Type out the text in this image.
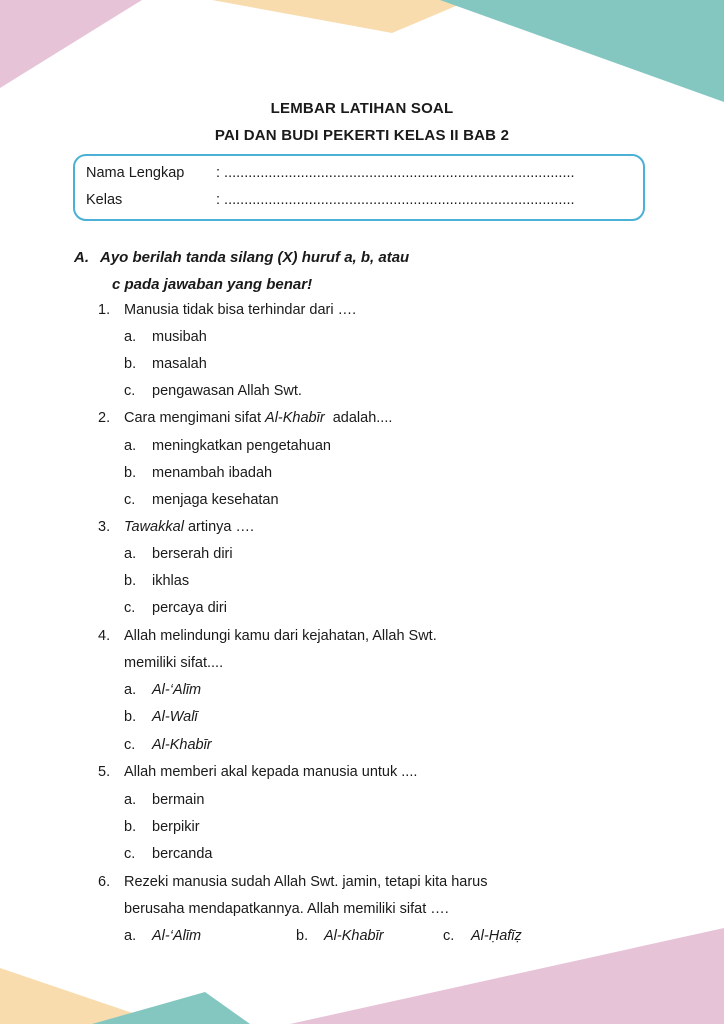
LEMBAR LATIHAN SOAL
PAI DAN BUDI PEKERTI KELAS II BAB 2
Nama Lengkap : .......................................................................................
Kelas	: .......................................................................................
A. Ayo berilah tanda silang (X) huruf a, b, atau
c pada jawaban yang benar!
1. Manusia tidak bisa terhindar dari ….
a. musibah
b. masalah
c. pengawasan Allah Swt.
2. Cara mengimani sifat Al-Khabīr  adalah....
a. meningkatkan pengetahuan
b. menambah ibadah
c. menjaga kesehatan
3. Tawakkal artinya ….
a. berserah diri
b. ikhlas
c. percaya diri
4. Allah melindungi kamu dari kejahatan, Allah Swt.
memiliki sifat....
a. Al-‘Alīm
b. Al-Walī
c. Al-Khabīr
5. Allah memberi akal kepada manusia untuk ....
a. bermain
b. berpikir
c. bercanda
6. Rezeki manusia sudah Allah Swt. jamin, tetapi kita harus
berusaha mendapatkannya. Allah memiliki sifat ….
a. Al-‘Alīm	b. Al-Khabīr	c. Al-Ḥafīẓ
